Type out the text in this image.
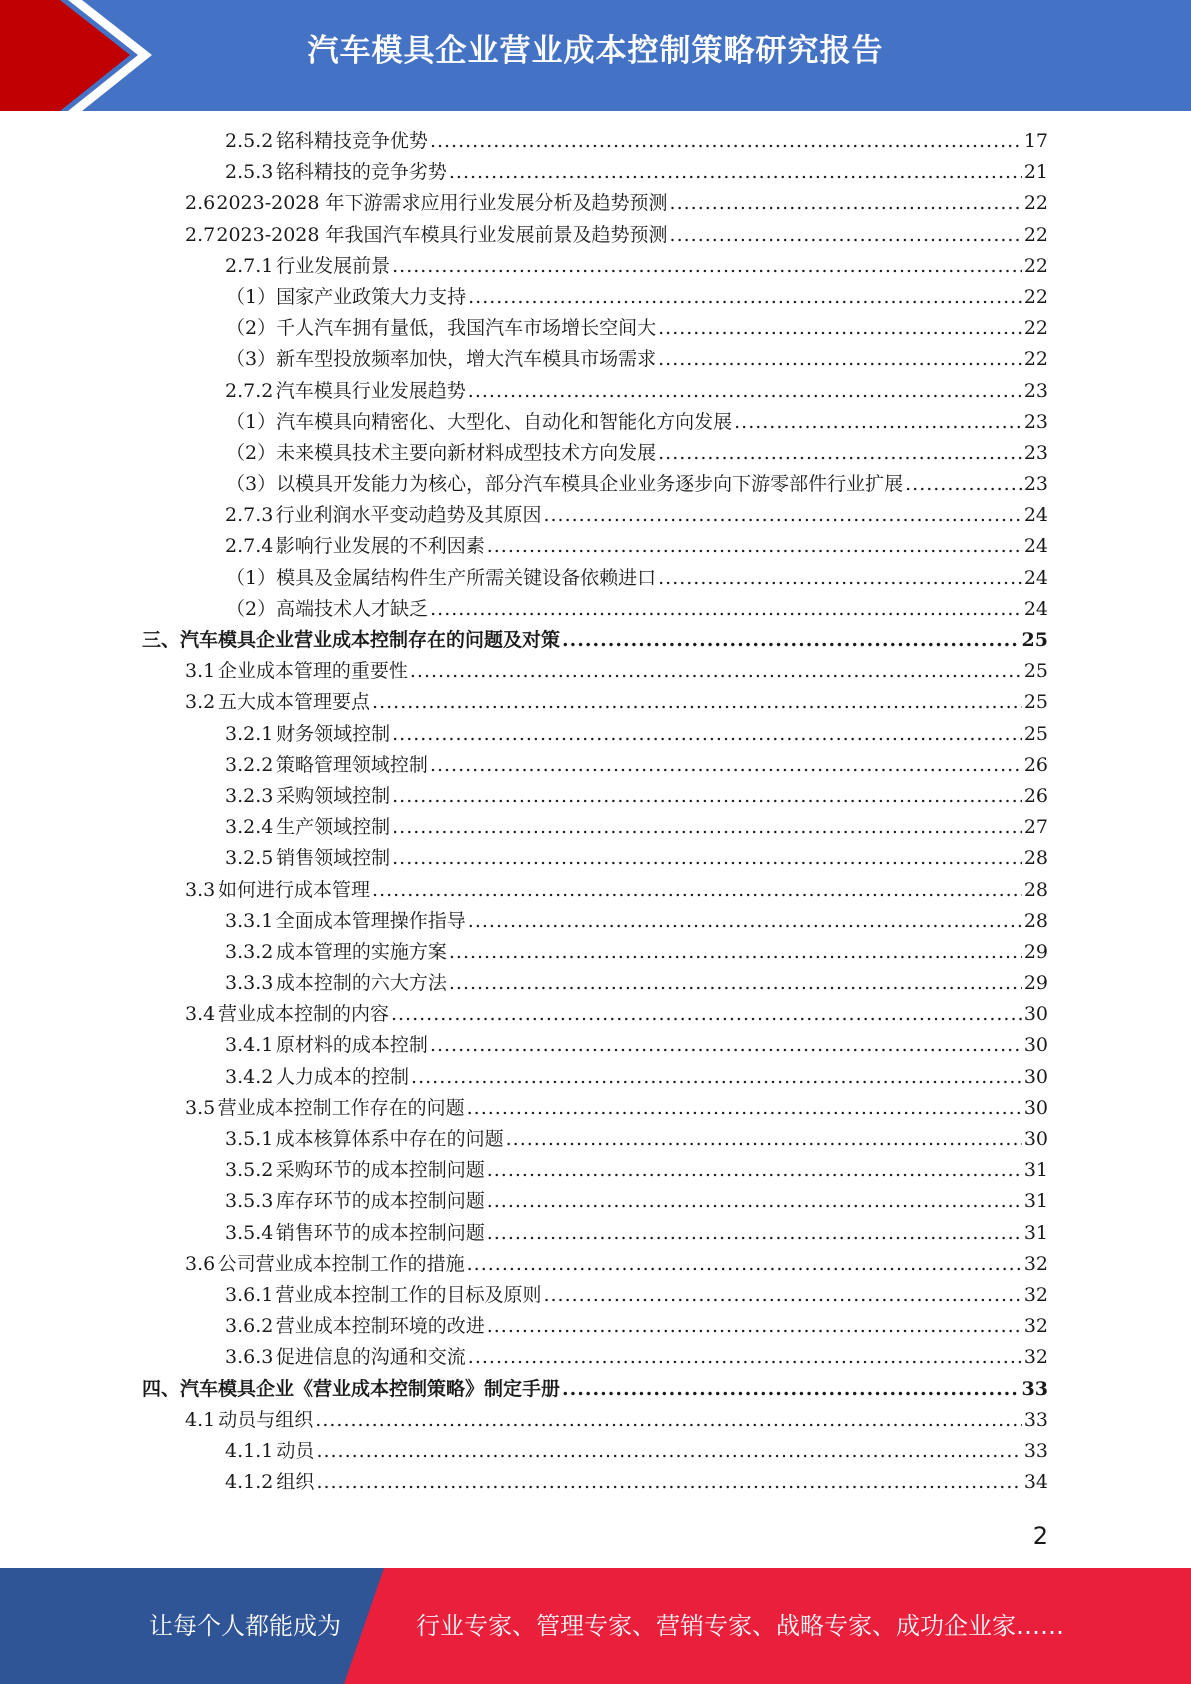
汽车模具企业营业成本控制策略研究报告
2.5.2 铭科精技竞争优势 .....	17
2.5.3 铭科精技的竞争劣势 .....	21
2.6 2023-2028 年下游需求应用行业发展分析及趋势预测 .....	22
2.7 2023-2028 年我国汽车模具行业发展前景及趋势预测 .....	22
2.7.1 行业发展前景 .....	22
（1） 国家产业政策大力支持 .....	22
（2） 千人汽车拥有量低，我国汽车市场增长空间大 .....	22
（3） 新车型投放频率加快，增大汽车模具市场需求 .....	22
2.7.2 汽车模具行业发展趋势 .....	23
（1） 汽车模具向精密化、大型化、自动化和智能化方向发展 .....	23
（2） 未来模具技术主要向新材料成型技术方向发展 .....	23
（3） 以模具开发能力为核心，部分汽车模具企业业务逐步向下游零部件行业扩展 .....	23
2.7.3 行业利润水平变动趋势及其原因 .....	24
2.7.4 影响行业发展的不利因素 .....	24
（1） 模具及金属结构件生产所需关键设备依赖进口 .....	24
（2） 高端技术人才缺乏 .....	24
三、 汽车模具企业营业成本控制存在的问题及对策 .....	25
3.1 企业成本管理的重要性 .....	25
3.2 五大成本管理要点 .....	25
3.2.1 财务领域控制 .....	25
3.2.2 策略管理领域控制 .....	26
3.2.3 采购领域控制 .....	26
3.2.4 生产领域控制 .....	27
3.2.5 销售领域控制 .....	28
3.3 如何进行成本管理 .....	28
3.3.1 全面成本管理操作指导 .....	28
3.3.2 成本管理的实施方案 .....	29
3.3.3 成本控制的六大方法 .....	29
3.4 营业成本控制的内容 .....	30
3.4.1 原材料的成本控制 .....	30
3.4.2 人力成本的控制 .....	30
3.5 营业成本控制工作存在的问题 .....	30
3.5.1 成本核算体系中存在的问题 .....	30
3.5.2 采购环节的成本控制问题 .....	31
3.5.3 库存环节的成本控制问题 .....	31
3.5.4 销售环节的成本控制问题 .....	31
3.6 公司营业成本控制工作的措施 .....	32
3.6.1 营业成本控制工作的目标及原则 .....	32
3.6.2 营业成本控制环境的改进 .....	32
3.6.3 促进信息的沟通和交流 .....	32
四、 汽车模具企业《营业成本控制策略》制定手册 .....	33
4.1 动员与组织 .....	33
4.1.1 动员 .....	33
4.1.2 组织 .....	34
2
让每个人都能成为	行业专家、管理专家、营销专家、战略专家、成功企业家……
